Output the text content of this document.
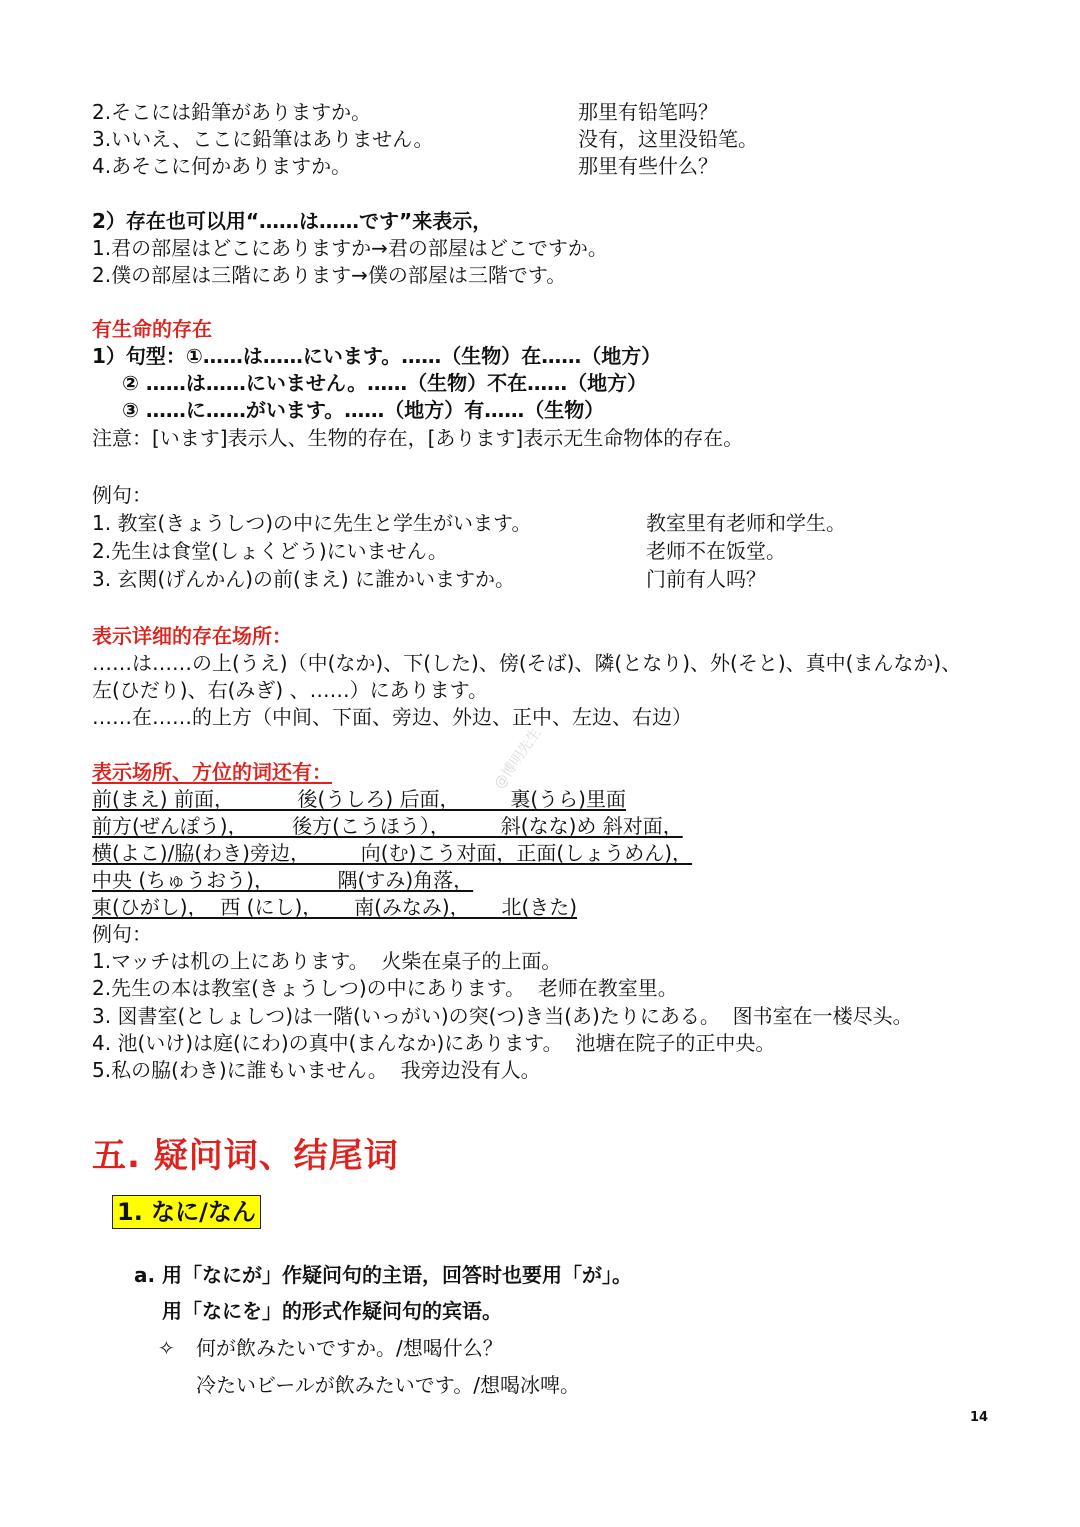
2.そこには鉛筆がありますか。	那里有铅笔吗？
3.いいえ、ここに鉛筆はありません。	没有，这里没铅笔。
4.あそこに何かありますか。	那里有些什么？
2）存在也可以用“……は……です”来表示，
1.君の部屋はどこにありますか→君の部屋はどこですか。
2.僕の部屋は三階にあります→僕の部屋は三階です。
有生命的存在
1）句型：①……は……にいます。……（生物）在……（地方）
② ……は……にいません。……（生物）不在……（地方）
③ ……に……がいます。……（地方）有……（生物）
注意：[います]表示人、生物的存在，[あります]表示无生命物体的存在。
例句：
1. 教室(きょうしつ)の中に先生と学生がいます。	教室里有老师和学生。
2.先生は食堂(しょくどう)にいません。	老师不在饭堂。
3. 玄関(げんかん)の前(まえ) に誰かいますか。	门前有人吗？
表示详细的存在场所：
……は……の上(うえ)（中(なか)、下(した)、傍(そば)、隣(となり)、外(そと)、真中(まんなか)、
左(ひだり)、右(みぎ) 、……）にあります。
……在……的上方（中间、下面、旁边、外边、正中、左边、右边）
@博明先生
表示场所、方位的词还有：
前(まえ) 前面，          後(うしろ) 后面，        裏(うら)里面
前方(ぜんぽう)，       後方(こうほう），        斜(なな)め 斜对面，
横(よこ)/脇(わき)旁边，        向(む)こう对面，正面(しょうめん)，
中央 (ちゅうおう)，          隅(すみ)角落，
東(ひがし)，  西 (にし)，     南(みなみ)，     北(きた)
例句：
1.マッチは机の上にあります。  火柴在桌子的上面。
2.先生の本は教室(きょうしつ)の中にあります。  老师在教室里。
3. 図書室(としょしつ)は一階(いっがい)の突(つ)き当(あ)たりにある。  图书室在一楼尽头。
4. 池(いけ)は庭(にわ)の真中(まんなか)にあります。  池塘在院子的正中央。
5.私の脇(わき)に誰もいません。  我旁边没有人。
五. 疑问词、结尾词
1. なに/なん
a. 用「なにが」作疑问句的主语，回答时也要用「が」。
用「なにを」的形式作疑问句的宾语。
✧ 何が飲みたいですか。/想喝什么？
冷たいビールが飲みたいです。/想喝冰啤。
14
